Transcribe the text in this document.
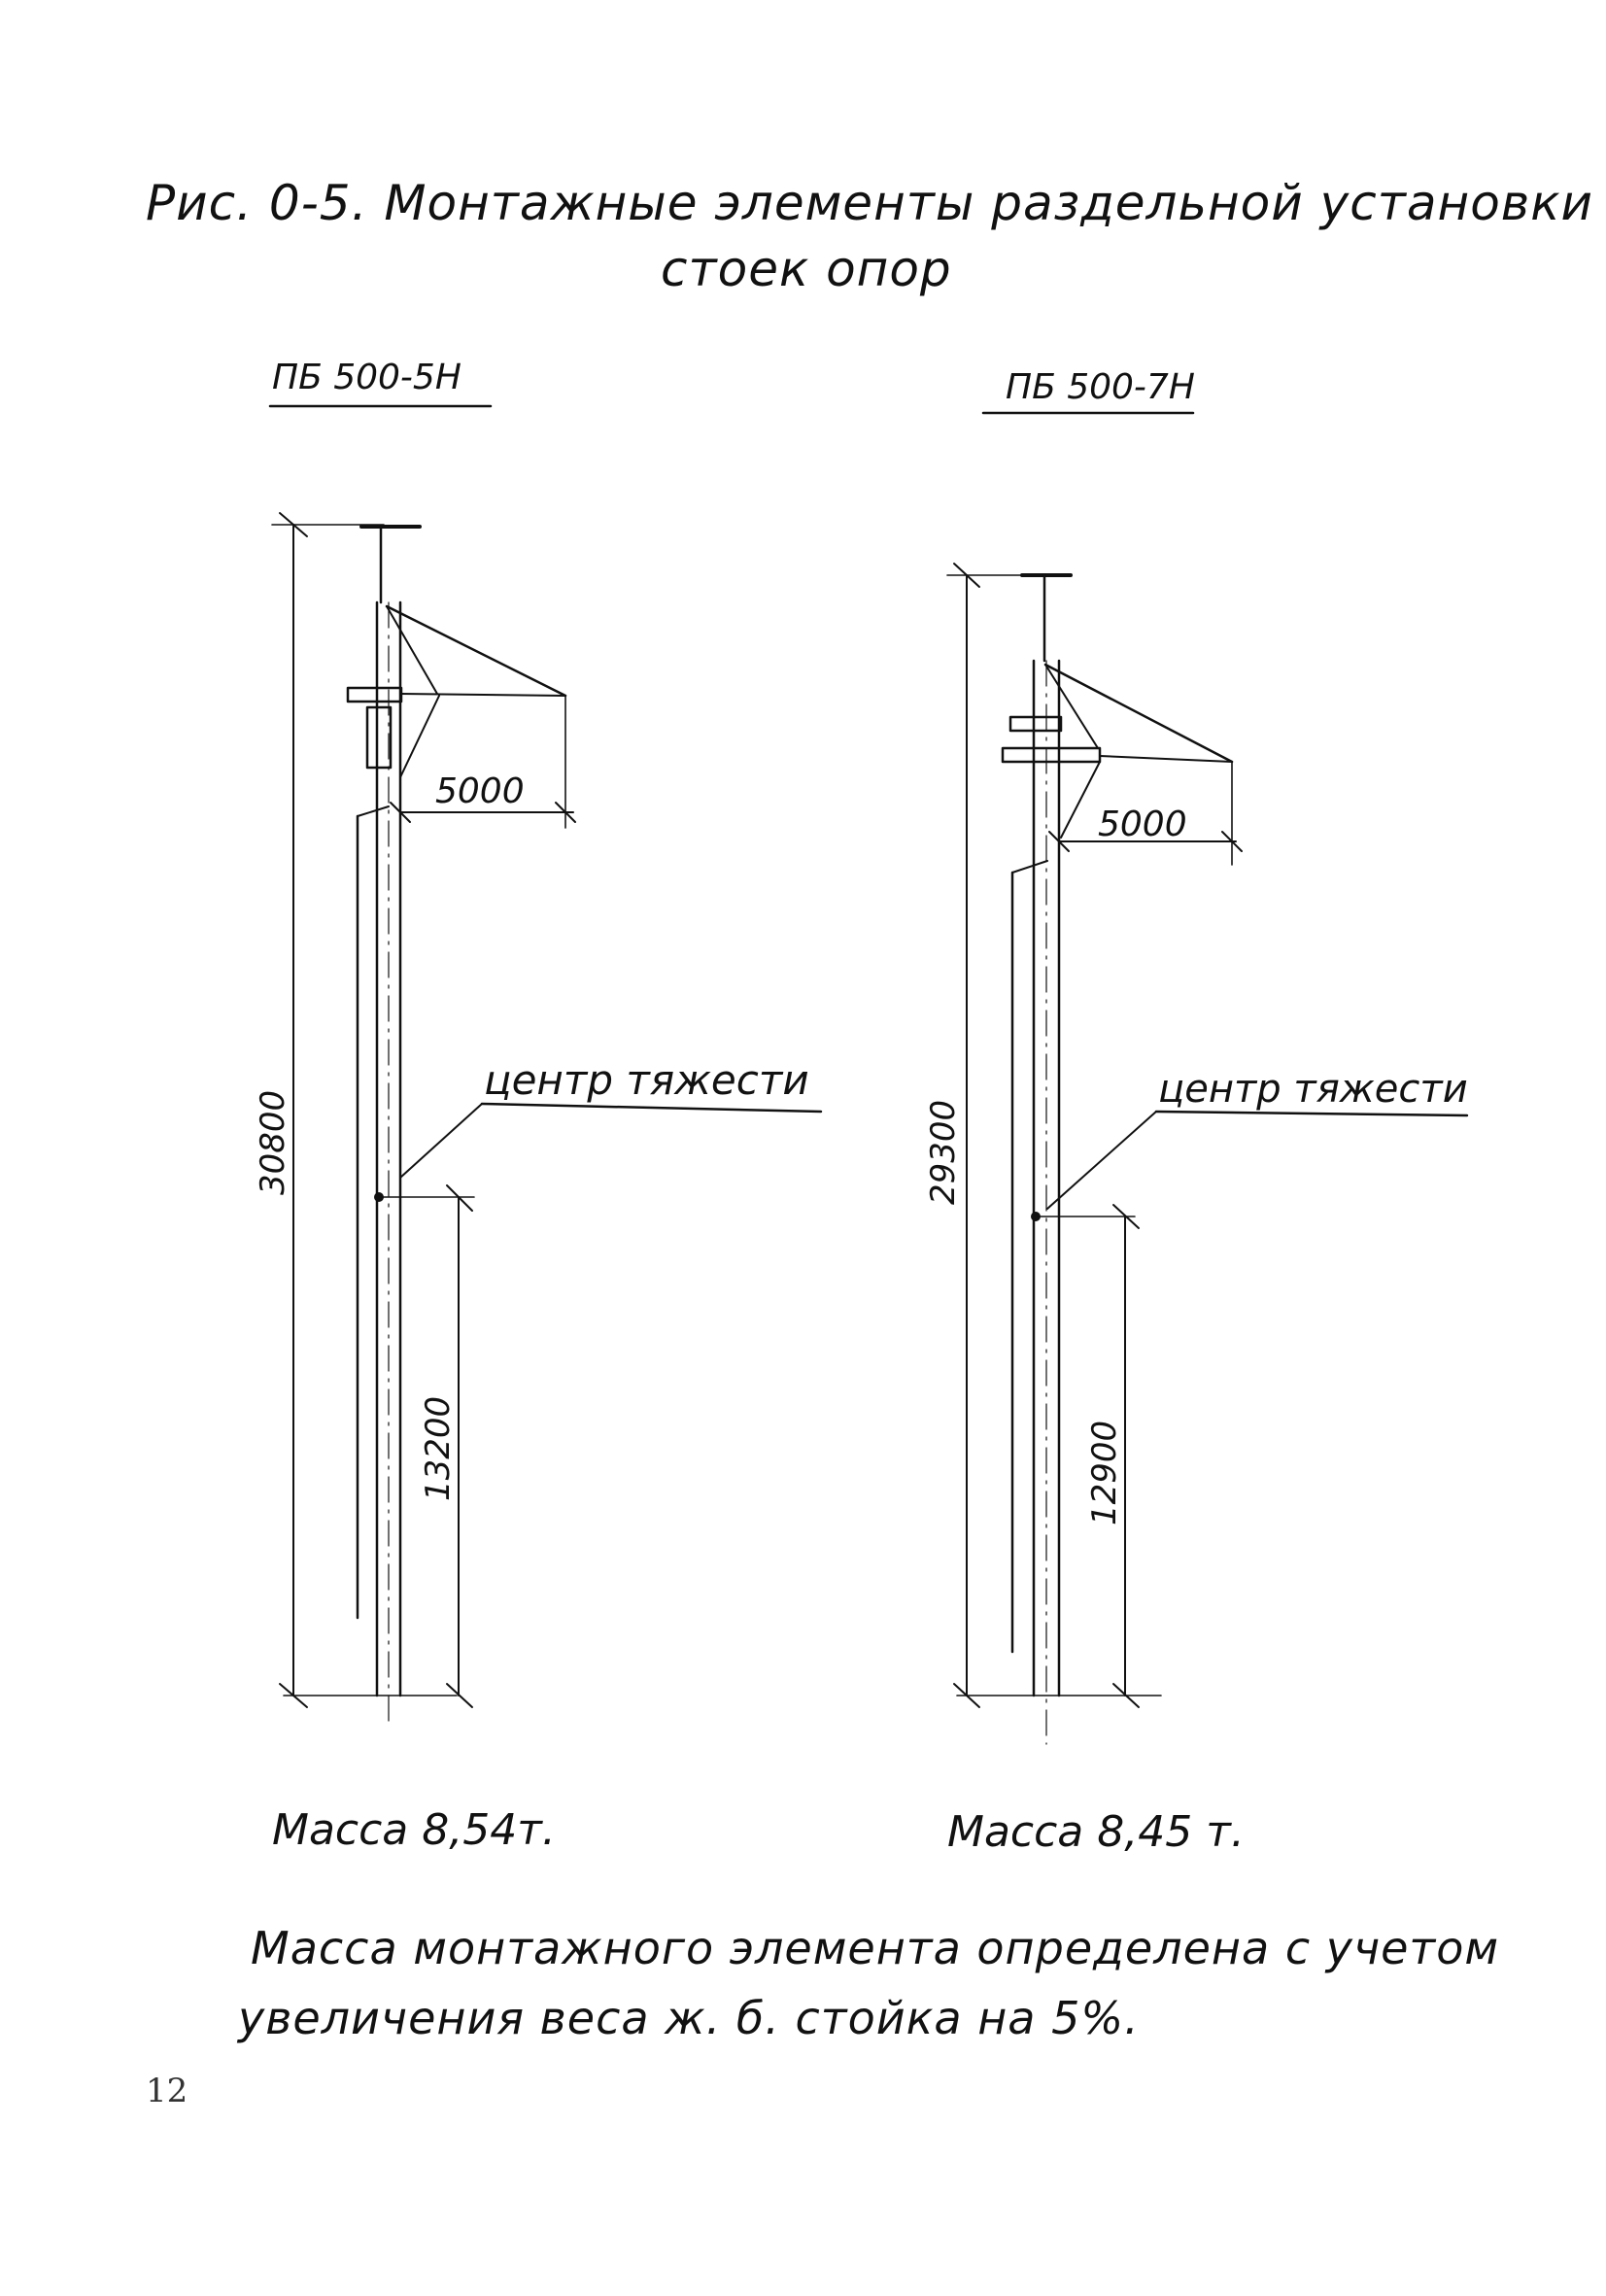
Рис. 0-5. Монтажные элементы раздельной установки
стоек опор
ПБ 500-5Н	ПБ 500-7Н
5000
5000
30800	29300
13200	12900
центр тяжести	центр тяжести
Масса 8,54т.	Масса 8,45 т.
Масса монтажного элемента определена с учетом
увеличения веса ж. б. стойка на 5%.
12
